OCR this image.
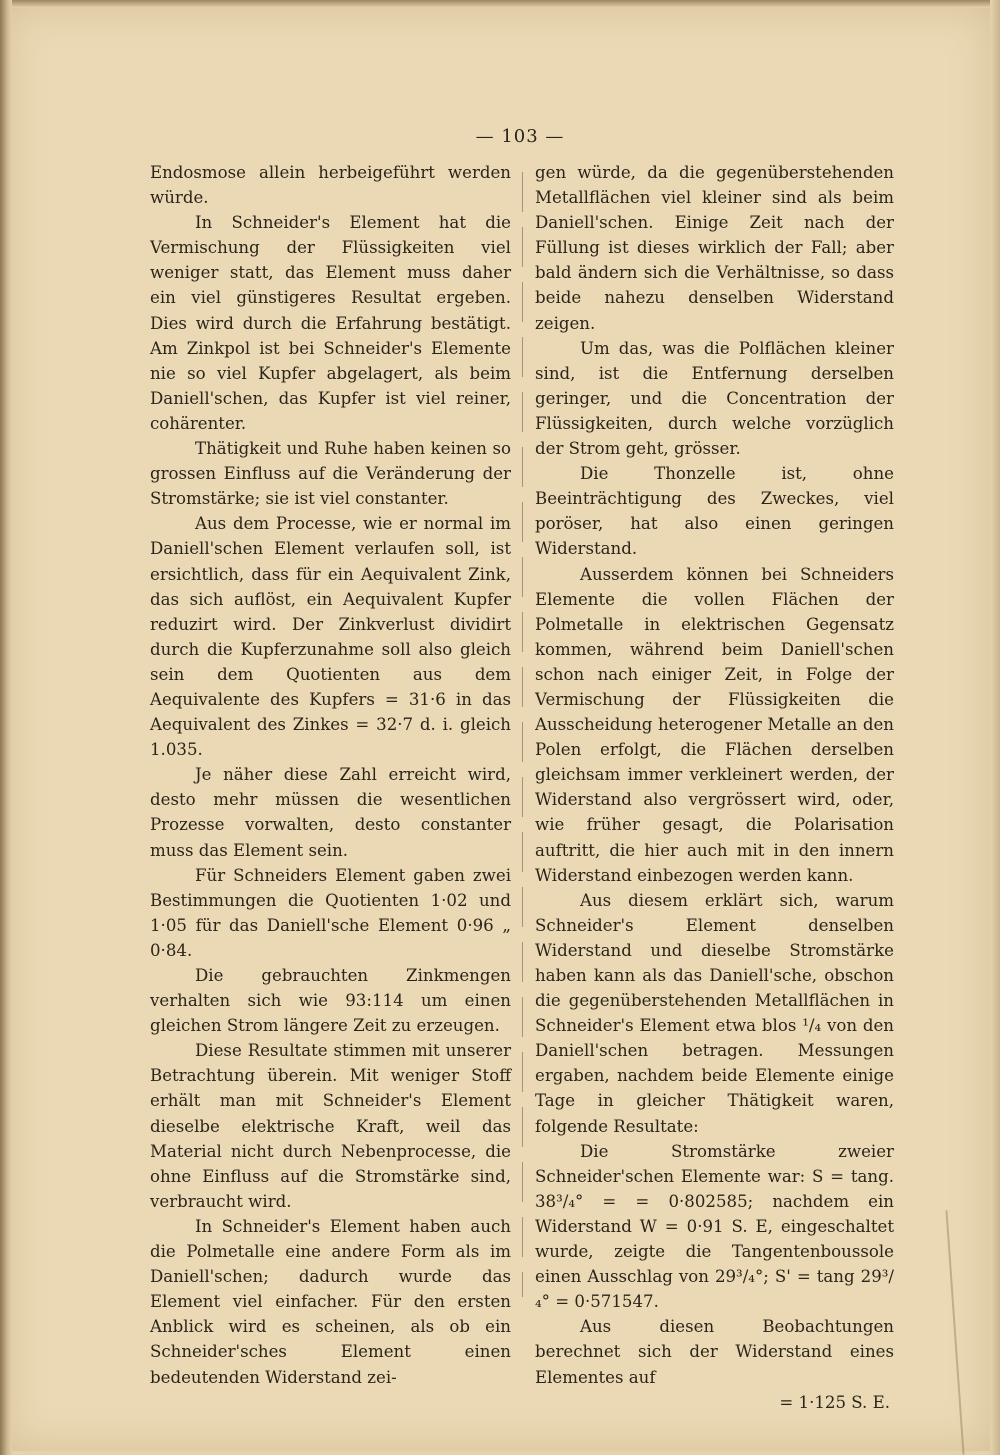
— 103 —

Endosmose allein herbeigeführt werden würde.

In Schneider's Element hat die Vermischung der Flüssigkeiten viel weniger statt, das Element muss daher ein viel günstigeres Resultat ergeben. Dies wird durch die Erfahrung bestätigt. Am Zinkpol ist bei Schneider's Elemente nie so viel Kupfer abgelagert, als beim Daniell'schen, das Kupfer ist viel reiner, cohärenter.

Thätigkeit und Ruhe haben keinen so grossen Einfluss auf die Veränderung der Stromstärke; sie ist viel constanter.

Aus dem Processe, wie er normal im Daniell'schen Element verlaufen soll, ist ersichtlich, dass für ein Aequivalent Zink, das sich auflöst, ein Aequivalent Kupfer reduzirt wird. Der Zinkverlust dividirt durch die Kupferzunahme soll also gleich sein dem Quotienten aus dem Aequivalente des Kupfers = 31·6 in das Aequivalent des Zinkes = 32·7 d. i. gleich 1.035.

Je näher diese Zahl erreicht wird, desto mehr müssen die wesentlichen Prozesse vorwalten, desto constanter muss das Element sein.

Für Schneiders Element gaben zwei Bestimmungen die Quotienten 1·02 und 1·05 für das Daniell'sche Element 0·96 „ 0·84.

Die gebrauchten Zinkmengen verhalten sich wie 93:114 um einen gleichen Strom längere Zeit zu erzeugen.

Diese Resultate stimmen mit unserer Betrachtung überein. Mit weniger Stoff erhält man mit Schneider's Element dieselbe elektrische Kraft, weil das Material nicht durch Nebenprocesse, die ohne Einfluss auf die Stromstärke sind, verbraucht wird.

In Schneider's Element haben auch die Polmetalle eine andere Form als im Daniell'schen; dadurch wurde das Element viel einfacher. Für den ersten Anblick wird es scheinen, als ob ein Schneider'sches Element einen bedeutenden Widerstand zei-

gen würde, da die gegenüberstehenden Metallflächen viel kleiner sind als beim Daniell'schen. Einige Zeit nach der Füllung ist dieses wirklich der Fall; aber bald ändern sich die Verhältnisse, so dass beide nahezu denselben Widerstand zeigen.

Um das, was die Polflächen kleiner sind, ist die Entfernung derselben geringer, und die Concentration der Flüssigkeiten, durch welche vorzüglich der Strom geht, grösser.

Die Thonzelle ist, ohne Beeinträchtigung des Zweckes, viel poröser, hat also einen geringen Widerstand.

Ausserdem können bei Schneiders Elemente die vollen Flächen der Polmetalle in elektrischen Gegensatz kommen, während beim Daniell'schen schon nach einiger Zeit, in Folge der Vermischung der Flüssigkeiten die Ausscheidung heterogener Metalle an den Polen erfolgt, die Flächen derselben gleichsam immer verkleinert werden, der Widerstand also vergrössert wird, oder, wie früher gesagt, die Polarisation auftritt, die hier auch mit in den innern Widerstand einbezogen werden kann.

Aus diesem erklärt sich, warum Schneider's Element denselben Widerstand und dieselbe Stromstärke haben kann als das Daniell'sche, obschon die gegenüberstehenden Metallflächen in Schneider's Element etwa blos ¹/₄ von den Daniell'schen betragen. Messungen ergaben, nachdem beide Elemente einige Tage in gleicher Thätigkeit waren, folgende Resultate:

Die Stromstärke zweier Schneider'schen Elemente war: S = tang. 38³/₄° = = 0·802585; nachdem ein Widerstand W = 0·91 S. E, eingeschaltet wurde, zeigte die Tangentenboussole einen Ausschlag von 29³/₄°; S' = tang 29³/₄° = 0·571547.

Aus diesen Beobachtungen berechnet sich der Widerstand eines Elementes auf

= 1·125 S. E.
